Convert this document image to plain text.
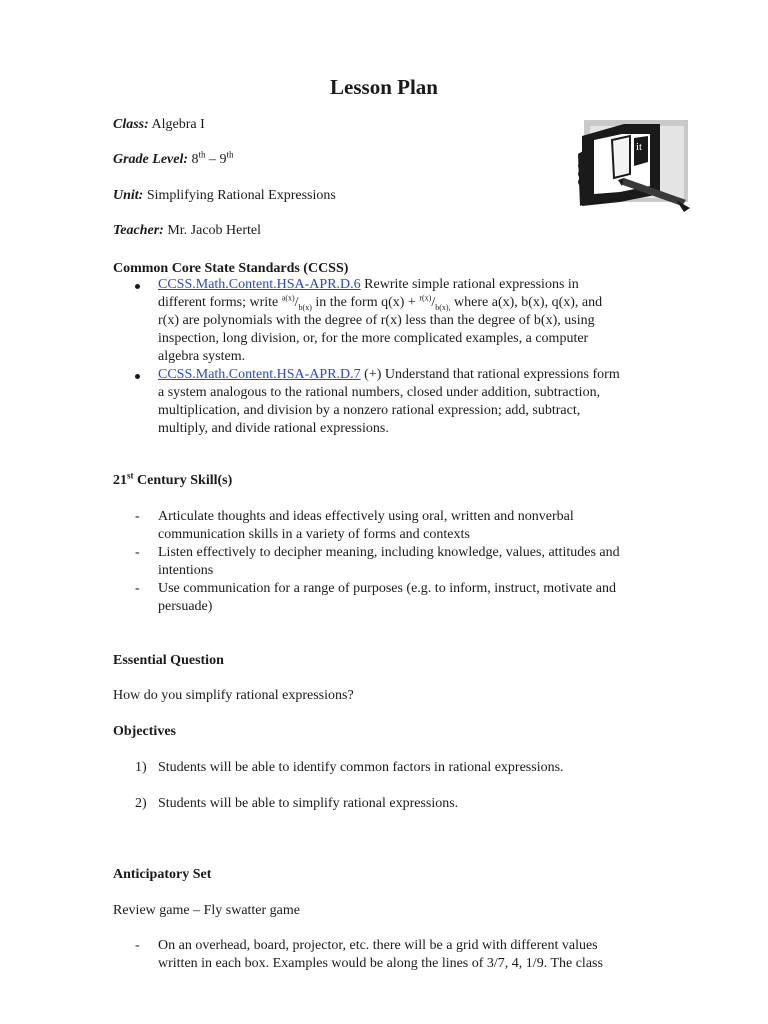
Lesson Plan
Class: Algebra I
Grade Level: 8th – 9th
Unit: Simplifying Rational Expressions
Teacher: Mr. Jacob Hertel
it
Common Core State Standards (CCSS)
CCSS.Math.Content.HSA-APR.D.6 Rewrite simple rational expressions in
different forms; write $^{a(x)}/_{b(x)}$ in the form $q(x) + ^{r(x)}/_{b(x),}$ where a(x), b(x), q(x), and
r(x) are polynomials with the degree of r(x) less than the degree of b(x), using
inspection, long division, or, for the more complicated examples, a computer
algebra system.
CCSS.Math.Content.HSA-APR.D.7 (+) Understand that rational expressions form
a system analogous to the rational numbers, closed under addition, subtraction,
multiplication, and division by a nonzero rational expression; add, subtract,
multiply, and divide rational expressions.
21st Century Skill(s)
- Articulate thoughts and ideas effectively using oral, written and nonverbal
communication skills in a variety of forms and contexts
- Listen effectively to decipher meaning, including knowledge, values, attitudes and
intentions
- Use communication for a range of purposes (e.g. to inform, instruct, motivate and
persuade)
Essential Question
How do you simplify rational expressions?
Objectives
1) Students will be able to identify common factors in rational expressions.
2) Students will be able to simplify rational expressions.
Anticipatory Set
Review game – Fly swatter game
- On an overhead, board, projector, etc. there will be a grid with different values
written in each box. Examples would be along the lines of 3/7, 4, 1/9. The class
